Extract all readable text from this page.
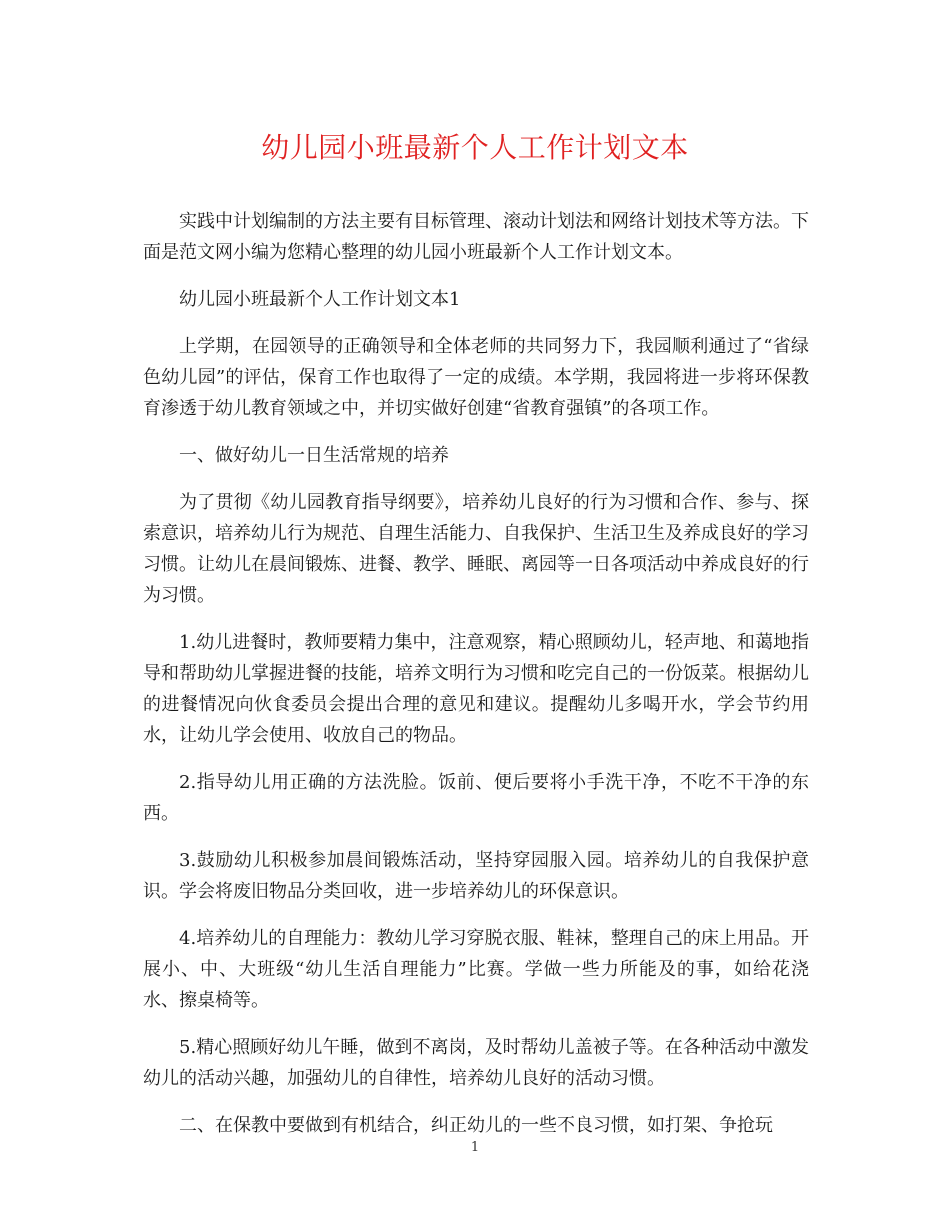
幼儿园小班最新个人工作计划文本

实践中计划编制的方法主要有目标管理、滚动计划法和网络计划技术等方法。下面是范文网小编为您精心整理的幼儿园小班最新个人工作计划文本。

幼儿园小班最新个人工作计划文本1

上学期，在园领导的正确领导和全体老师的共同努力下，我园顺利通过了“省绿色幼儿园”的评估，保育工作也取得了一定的成绩。本学期，我园将进一步将环保教育渗透于幼儿教育领域之中，并切实做好创建“省教育强镇”的各项工作。

一、做好幼儿一日生活常规的培养

为了贯彻《幼儿园教育指导纲要》，培养幼儿良好的行为习惯和合作、参与、探索意识，培养幼儿行为规范、自理生活能力、自我保护、生活卫生及养成良好的学习习惯。让幼儿在晨间锻炼、进餐、教学、睡眠、离园等一日各项活动中养成良好的行为习惯。

1.幼儿进餐时，教师要精力集中，注意观察，精心照顾幼儿，轻声地、和蔼地指导和帮助幼儿掌握进餐的技能，培养文明行为习惯和吃完自己的一份饭菜。根据幼儿的进餐情况向伙食委员会提出合理的意见和建议。提醒幼儿多喝开水，学会节约用水，让幼儿学会使用、收放自己的物品。

2.指导幼儿用正确的方法洗脸。饭前、便后要将小手洗干净，不吃不干净的东西。

3.鼓励幼儿积极参加晨间锻炼活动，坚持穿园服入园。培养幼儿的自我保护意识。学会将废旧物品分类回收，进一步培养幼儿的环保意识。

4.培养幼儿的自理能力：教幼儿学习穿脱衣服、鞋袜，整理自己的床上用品。开展小、中、大班级“幼儿生活自理能力”比赛。学做一些力所能及的事，如给花浇水、擦桌椅等。

5.精心照顾好幼儿午睡，做到不离岗，及时帮幼儿盖被子等。在各种活动中激发幼儿的活动兴趣，加强幼儿的自律性，培养幼儿良好的活动习惯。

二、在保教中要做到有机结合，纠正幼儿的一些不良习惯，如打架、争抢玩

1
